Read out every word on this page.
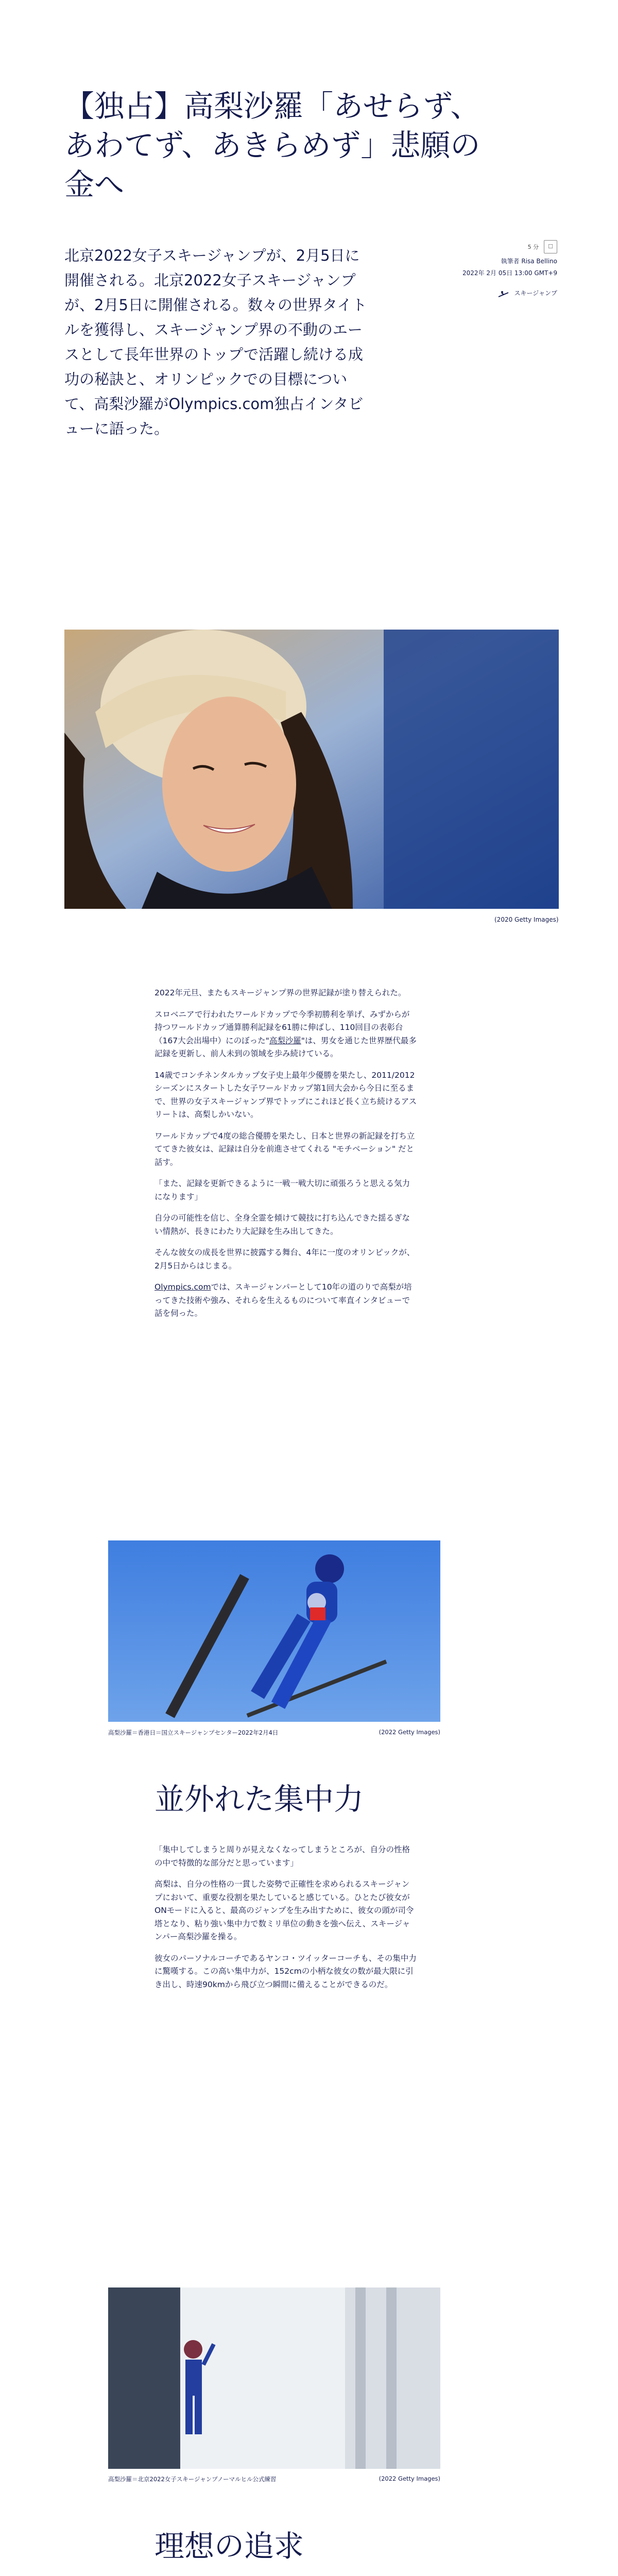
【独占】高梨沙羅「あせらず、あわてず、あきらめず」悲願の金へ

北京2022女子スキージャンプが、2月5日に開催される。北京2022女子スキージャンプが、2月5日に開催される。数々の世界タイトルを獲得し、スキージャンプ界の不動のエースとして長年世界のトップで活躍し続ける成功の秘訣と、オリンピックでの目標について、高梨沙羅がOlympics.com独占インタビューに語った。

5 分 ☐
執筆者 Risa Bellino
2022年 2月 05日 13:00 GMT+9
スキージャンプ
(2020 Getty Images)

2022年元旦、またもスキージャンプ界の世界記録が塗り替えられた。

スロベニアで行われたワールドカップで今季初勝利を挙げ、みずからが持つワールドカップ通算勝利記録を61勝に伸ばし、110回目の表彰台（167大会出場中）にのぼった"高梨沙羅"は、男女を通じた世界歴代最多記録を更新し、前人未到の領域を歩み続けている。

14歳でコンチネンタルカップ女子史上最年少優勝を果たし、2011/2012シーズンにスタートした女子ワールドカップ第1回大会から今日に至るまで、世界の女子スキージャンプ界でトップにこれほど長く立ち続けるアスリートは、高梨しかいない。

ワールドカップで4度の総合優勝を果たし、日本と世界の新記録を打ち立ててきた彼女は、記録は自分を前進させてくれる "モチベーション" だと話す。

「また、記録を更新できるように一戦一戦大切に頑張ろうと思える気力になります」

自分の可能性を信じ、全身全霊を傾けて競技に打ち込んできた揺るぎない情熱が、長きにわたり大記録を生み出してきた。

そんな彼女の成長を世界に披露する舞台、4年に一度のオリンピックが、2月5日からはじまる。

Olympics.comでは、スキージャンパーとして10年の道のりで高梨が培ってきた技術や強み、それらを生えるものについて率直インタビューで話を伺った。

高梨沙羅＝香港日＝国立スキージャンプセンター2022年2月4日	(2022 Getty Images)
並外れた集中力

「集中してしまうと周りが見えなくなってしまうところが、自分の性格の中で特徴的な部分だと思っています」

高梨は、自分の性格の一貫した姿勢で正確性を求められるスキージャンプにおいて、重要な役割を果たしていると感じている。ひとたび彼女がONモードに入ると、最高のジャンプを生み出すために、彼女の頭が司令塔となり、粘り強い集中力で数ミリ単位の動きを強へ伝え、スキージャンパー高梨沙羅を操る。

彼女のパーソナルコーチであるヤンコ・ツイッターコーチも、その集中力に驚嘆する。この高い集中力が、152cmの小柄な彼女の数が最大限に引き出し、時速90kmから飛び立つ瞬間に備えることができるのだ。

高梨沙羅＝北京2022女子スキージャンプノーマルヒル公式練習	(2022 Getty Images)
理想の追求
